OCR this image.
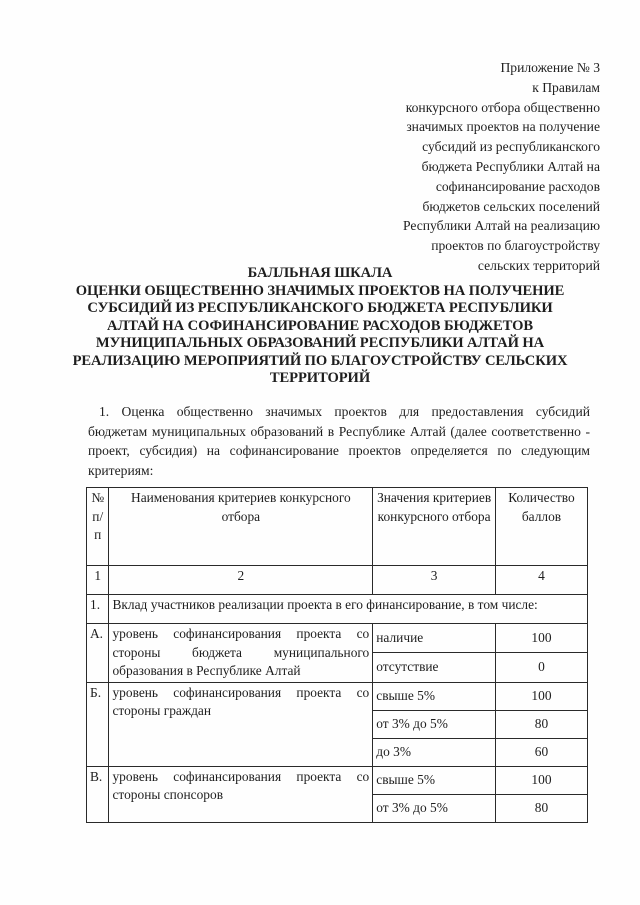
Приложение № 3
к Правилам
конкурсного отбора общественно
значимых проектов на получение
субсидий из республиканского
бюджета Республики Алтай на
софинансирование расходов
бюджетов сельских поселений
Республики Алтай на реализацию
проектов по благоустройству
сельских территорий
БАЛЛЬНАЯ ШКАЛА
ОЦЕНКИ ОБЩЕСТВЕННО ЗНАЧИМЫХ ПРОЕКТОВ НА ПОЛУЧЕНИЕ
СУБСИДИЙ ИЗ РЕСПУБЛИКАНСКОГО БЮДЖЕТА РЕСПУБЛИКИ
АЛТАЙ НА СОФИНАНСИРОВАНИЕ РАСХОДОВ БЮДЖЕТОВ
МУНИЦИПАЛЬНЫХ ОБРАЗОВАНИЙ РЕСПУБЛИКИ АЛТАЙ НА
РЕАЛИЗАЦИЮ МЕРОПРИЯТИЙ ПО БЛАГОУСТРОЙСТВУ СЕЛЬСКИХ
ТЕРРИТОРИЙ
1. Оценка общественно значимых проектов для предоставления субсидий бюджетам муниципальных образований в Республике Алтай (далее соответственно - проект, субсидия) на софинансирование проектов определяется по следующим критериям:
№ п/п	Наименования критериев конкурсного отбора	Значения критериев конкурсного отбора	Количество баллов
1	2	3	4
1.	Вклад участников реализации проекта в его финансирование, в том числе:		
А.	уровень софинансирования проекта со стороны бюджета муниципального образования в Республике Алтай	наличие	100
		отсутствие	0
Б.	уровень софинансирования проекта со стороны граждан	свыше 5%	100
		от 3% до 5%	80
		до 3%	60
В.	уровень софинансирования проекта со стороны спонсоров	свыше 5%	100
		от 3% до 5%	80
